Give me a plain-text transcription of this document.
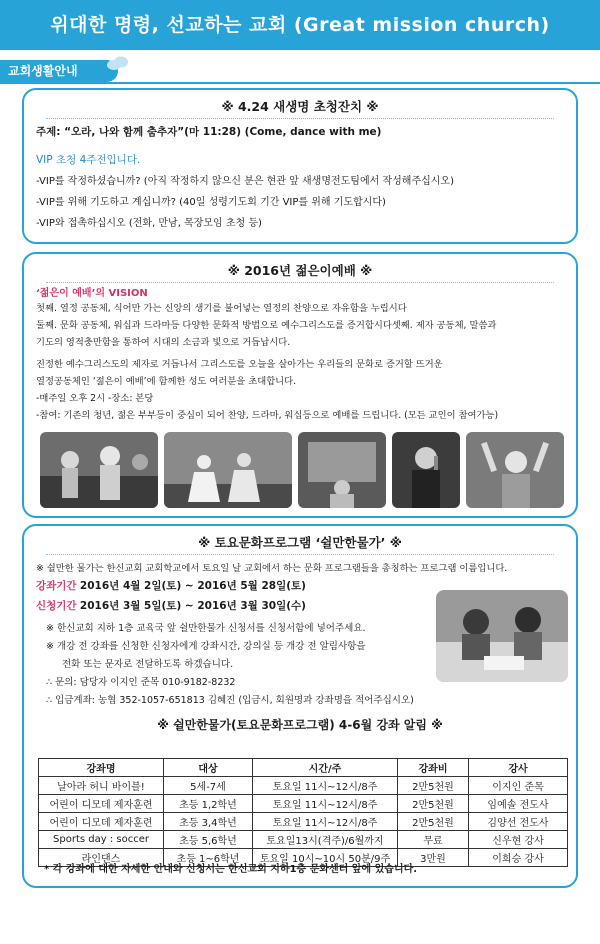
위대한 명령, 선교하는 교회 (Great mission church)
교회생활안내
※ 4.24 새생명 초청잔치 ※
주제: “오라, 나와 함께 춤추자”(마 11:28) (Come, dance with me)
VIP 초청 4주전입니다.
-VIP를 작정하셨습니까? (아직 작정하지 않으신 분은 현관 앞 새생명전도팀에서 작성해주십시오)
-VIP를 위해 기도하고 계십니까? (40일 성령기도회 기간 VIP를 위해 기도합시다)
-VIP와 접촉하십시오 (전화, 만남, 목장모임 초청 등)
※ 2016년 젊은이예배 ※
‘젊은이 예배’의 VISION
첫째. 열정 공동체, 식어만 가는 신앙의 생기를 불어넣는 열정의 찬양으로 자유함을 누립시다
둘째. 문화 공동체, 워십과 드라마등 다양한 문화적 방법으로 예수그리스도를 증거합시다셋째. 제자 공동체, 말씀과
기도의 영적충만함을 통하여 시대의 소금과 빛으로 거듭납시다.
진정한 예수그리스도의 제자로 거듭나서 그리스도를 오늘을 살아가는 우리들의 문화로 증거할 뜨거운
열정공동체인 ‘젊은이 예배’에 함께한 성도 여러분을 초대합니다.
-매주일 오후 2시 -장소: 본당
-참여: 기존의 청년, 젊은 부부등이 중심이 되어 찬양, 드라마, 워십등으로 예배를 드립니다. (모든 교인이 참여가능)
※ 토요문화프로그램 ‘쉴만한물가’ ※
※ 쉴만한 물가는 한신교회 교회학교에서 토요일 날 교회에서 하는 문화 프로그램들을 총칭하는 프로그램 이름입니다.
강좌기간 2016년 4월 2일(토) ~ 2016년 5월 28일(토)
신청기간 2016년 3월 5일(토) ~ 2016년 3월 30일(수)
※ 한신교회 지하 1층 교육국 앞 쉴만한물가 신청서를 신청서함에 넣어주세요.
※ 개강 전 강좌를 신청한 신청자에게 강좌시간, 강의실 등 개강 전 알림사항을
전화 또는 문자로 전달하도록 하겠습니다.
∴ 문의: 담당자 이지인 준목 010-9182-8232
∴ 입금계좌: 농협 352-1057-651813 김혜진 (입금시, 회원명과 강좌명을 적어주십시오)
※ 쉴만한물가(토요문화프로그램) 4-6월 강좌 알림 ※
강좌명	대상	시간/주	강좌비	강사
날아라 허니 바이블!	5세-7세	토요일 11시~12시/8주	2만5천원	이지인 준목
어린이 디모데 제자훈련	초등 1,2학년	토요일 11시~12시/8주	2만5천원	임예솔 전도사
어린이 디모데 제자훈련	초등 3,4학년	토요일 11시~12시/8주	2만5천원	김양선 전도사
Sports day : soccer	초등 5,6학년	토요일13시(격주)/6월까지	무료	신우현 강사
라인댄스	초등 1~6학년	토요일 10시~10시 50분/9주	3만원	이희승 강사
* 각 강좌에 대한 자세한 안내와 신청서는 한신교회 지하1층 문화센터 앞에 있습니다.
